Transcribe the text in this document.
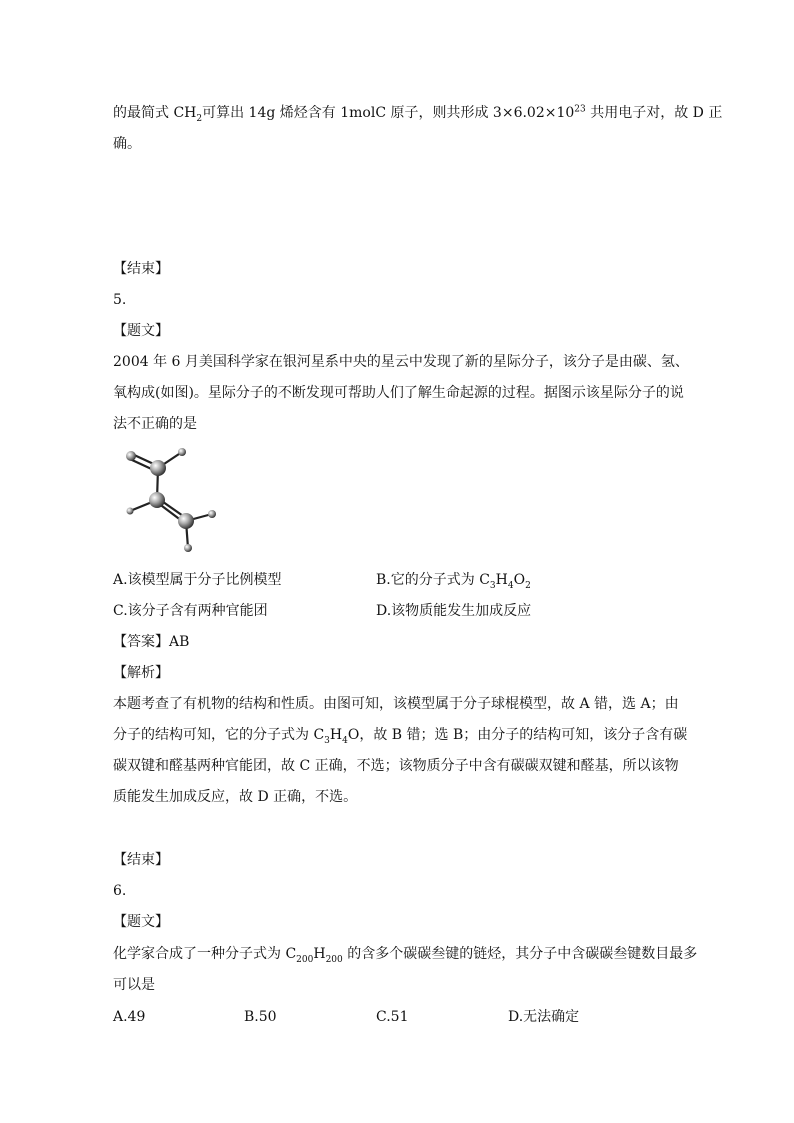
的最简式 $CH_2$可算出 14g 烯烃含有 1molC 原子，则共形成 $3\times 6.02\times 10^{23}$ 共用电子对，故 D 正
确。
【结束】
5.
【题文】
2004 年 6 月美国科学家在银河星系中央的星云中发现了新的星际分子，该分子是由碳、氢、
氧构成(如图)。星际分子的不断发现可帮助人们了解生命起源的过程。据图示该星际分子的说
法不正确的是
A.该模型属于分子比例模型	B.它的分子式为 $C_3H_4O_2$
C.该分子含有两种官能团	D.该物质能发生加成反应
【答案】AB
【解析】
本题考查了有机物的结构和性质。由图可知，该模型属于分子球棍模型，故 A 错，选 A；由
分子的结构可知，它的分子式为 $C_3H_4O$，故 B 错；选 B；由分子的结构可知，该分子含有碳
碳双键和醛基两种官能团，故 C 正确，不选；该物质分子中含有碳碳双键和醛基，所以该物
质能发生加成反应，故 D 正确，不选。
【结束】
6.
【题文】
化学家合成了一种分子式为 $C_{200}H_{200}$ 的含多个碳碳叁键的链烃，其分子中含碳碳叁键数目最多
可以是
A.49	B.50	C.51	D.无法确定
